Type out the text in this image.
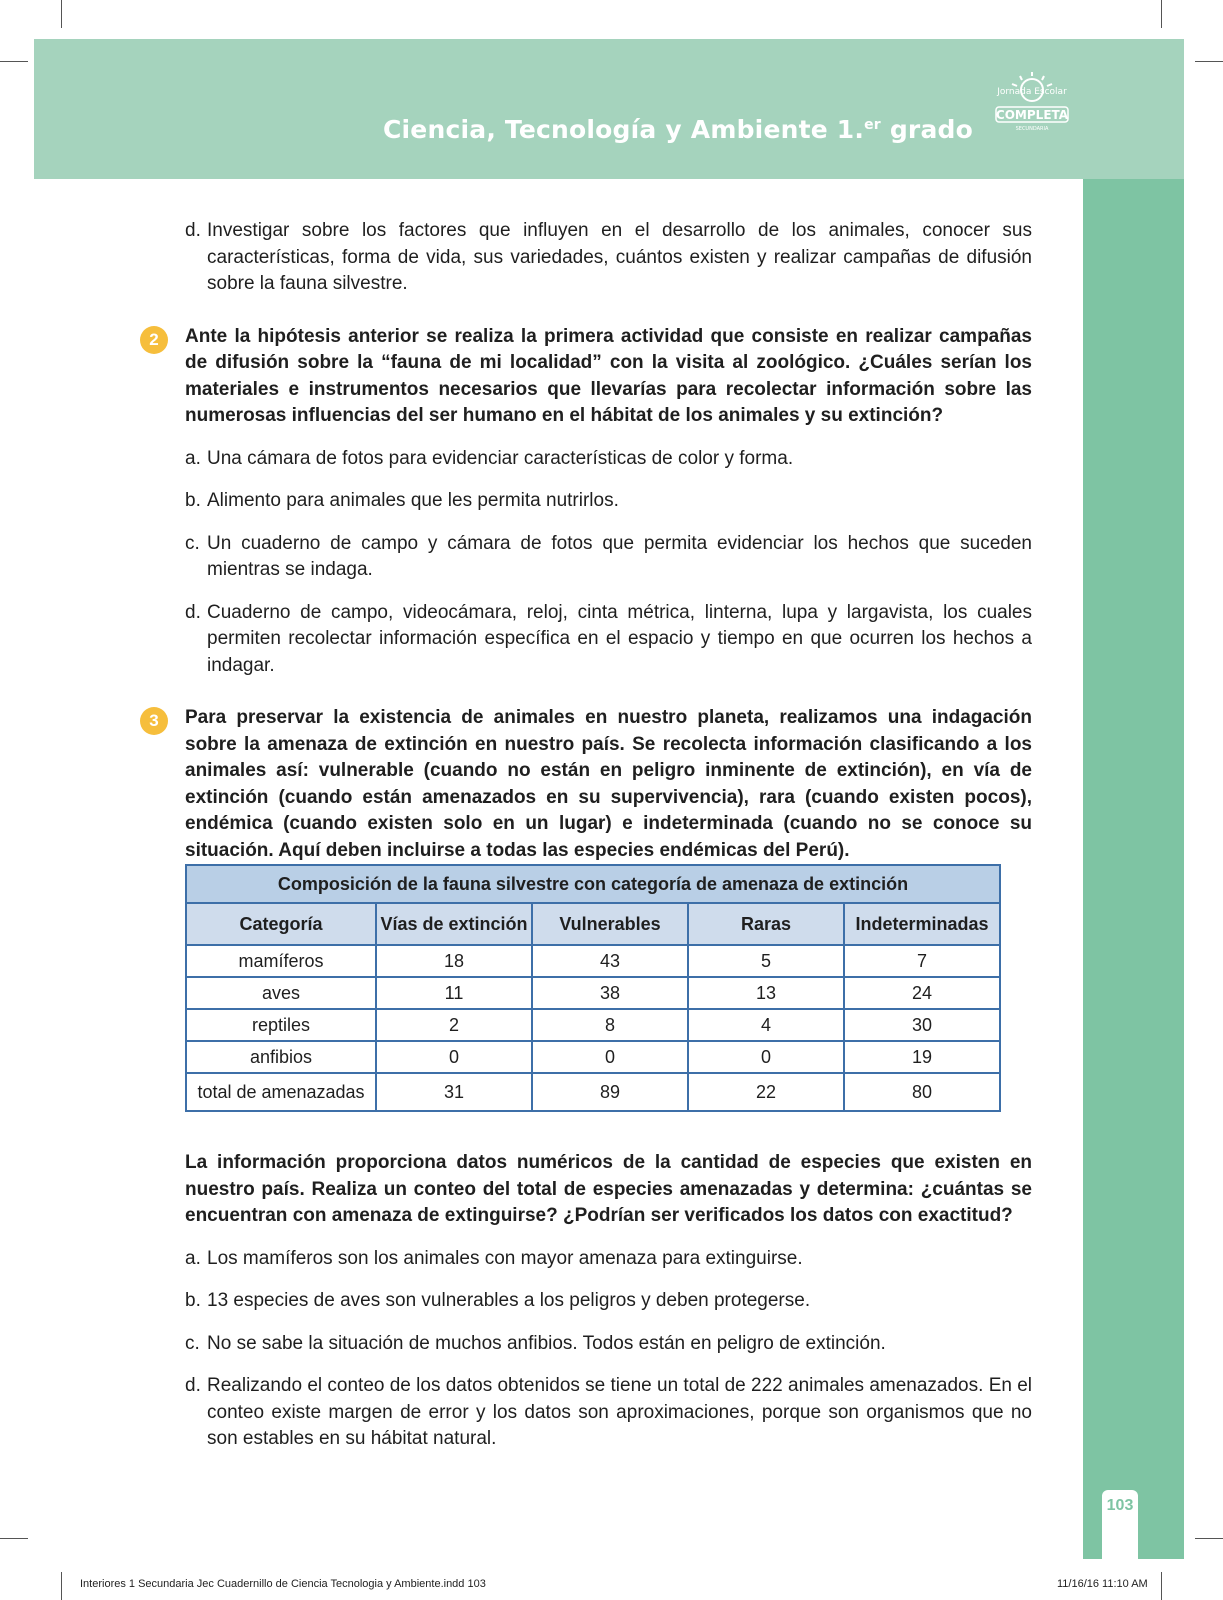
Ciencia, Tecnología y Ambiente 1.$^{er}$ grado
Jornada Escolar
COMPLETA
SECUNDARIA
103
d. Investigar sobre los factores que influyen en el desarrollo de los animales, conocer sus características, forma de vida, sus variedades, cuántos existen y realizar campañas de difusión sobre la fauna silvestre.
2	Ante la hipótesis anterior se realiza la primera actividad que consiste en realizar campañas de difusión sobre la “fauna de mi localidad” con la visita al zoológico. ¿Cuáles serían los materiales e instrumentos necesarios que llevarías para recolectar información sobre las numerosas influencias del ser humano en el hábitat de los animales y su extinción?
a. Una cámara de fotos para evidenciar características de color y forma.
b. Alimento para animales que les permita nutrirlos.
c. Un cuaderno de campo y cámara de fotos que permita evidenciar los hechos que suceden mientras se indaga.
d. Cuaderno de campo, videocámara, reloj, cinta métrica, linterna, lupa y largavista, los cuales permiten recolectar información específica en el espacio y tiempo en que ocurren los hechos a indagar.
3	Para preservar la existencia de animales en nuestro planeta, realizamos una indagación sobre la amenaza de extinción en nuestro país. Se recolecta información clasificando a los animales así: vulnerable (cuando no están en peligro inminente de extinción), en vía de extinción (cuando están amenazados en su supervivencia), rara (cuando existen pocos), endémica (cuando existen solo en un lugar) e indeterminada (cuando no se conoce su situación. Aquí deben incluirse a todas las especies endémicas del Perú).
Composición de la fauna silvestre con categoría de amenaza de extinción				
Categoría	Vías de extinción	Vulnerables	Raras	Indeterminadas
mamíferos	18	43	5	7
aves	11	38	13	24
reptiles	2	8	4	30
anfibios	0	0	0	19
total de amenazadas	31	89	22	80
La información proporciona datos numéricos de la cantidad de especies que existen en nuestro país. Realiza un conteo del total de especies amenazadas y determina: ¿cuántas se encuentran con amenaza de extinguirse? ¿Podrían ser verificados los datos con exactitud?
a. Los mamíferos son los animales con mayor amenaza para extinguirse.
b. 13 especies de aves son vulnerables a los peligros y deben protegerse.
c. No se sabe la situación de muchos anfibios. Todos están en peligro de extinción.
d. Realizando el conteo de los datos obtenidos se tiene un total de 222 animales amenazados. En el conteo existe margen de error y los datos son aproximaciones, porque son organismos que no son estables en su hábitat natural.
Interiores 1 Secundaria Jec Cuadernillo de Ciencia Tecnologia y Ambiente.indd 103	11/16/16 11:10 AM
